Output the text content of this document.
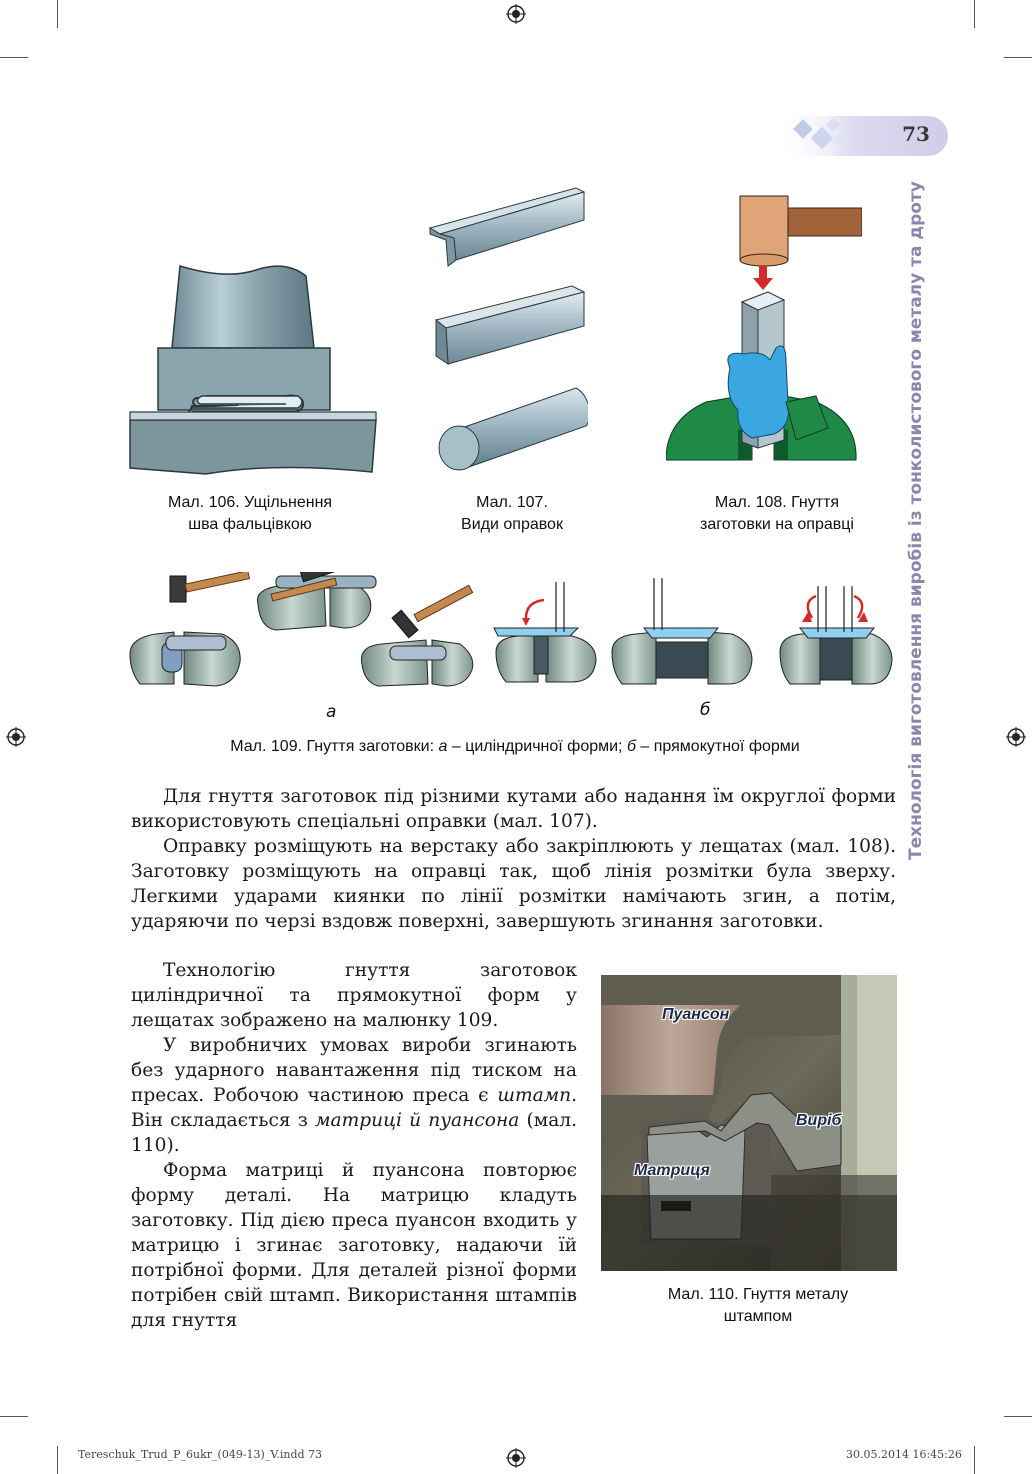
73
Технологія виготовлення виробів із тонколистового металу та дроту
Мал. 106. Ущільнення
шва фальцівкою
Мал. 107.
Види оправок
Мал. 108. Гнуття
заготовки на оправці
а	б
Мал. 109. Гнуття заготовки: а – циліндричної форми; б – прямокутної форми

Для гнуття заготовок під різними кутами або надання їм округлої форми використовують спеціальні оправки (мал. 107).

Оправку розміщують на верстаку або закріплюють у лещатах (мал. 108). Заготовку розміщують на оправці так, щоб лінія розмітки була зверху. Легкими ударами киянки по лінії розмітки намічають згин, а потім, ударяючи по черзі вздовж поверхні, завершують згинання заготовки.

Технологію гнуття заготовок циліндричної та прямокутної форм у лещатах зображено на малюнку 109.

У виробничих умовах вироби згинають без ударного навантаження під тиском на пресах. Робочою частиною преса є штамп. Він складається з матриці й пуансона (мал. 110).

Форма матриці й пуансона повторює форму деталі. На матрицю кладуть заготовку. Під дією преса пуансон входить у матрицю і згинає заготовку, надаючи їй потрібної форми. Для деталей різної форми потрібен свій штамп. Використання штампів для гнуття

Пуансон
Виріб
Матриця
Мал. 110. Гнуття металу
штампом
Tereschuk_Trud_P_6ukr_(049-13)_V.indd 73	30.05.2014 16:45:26
